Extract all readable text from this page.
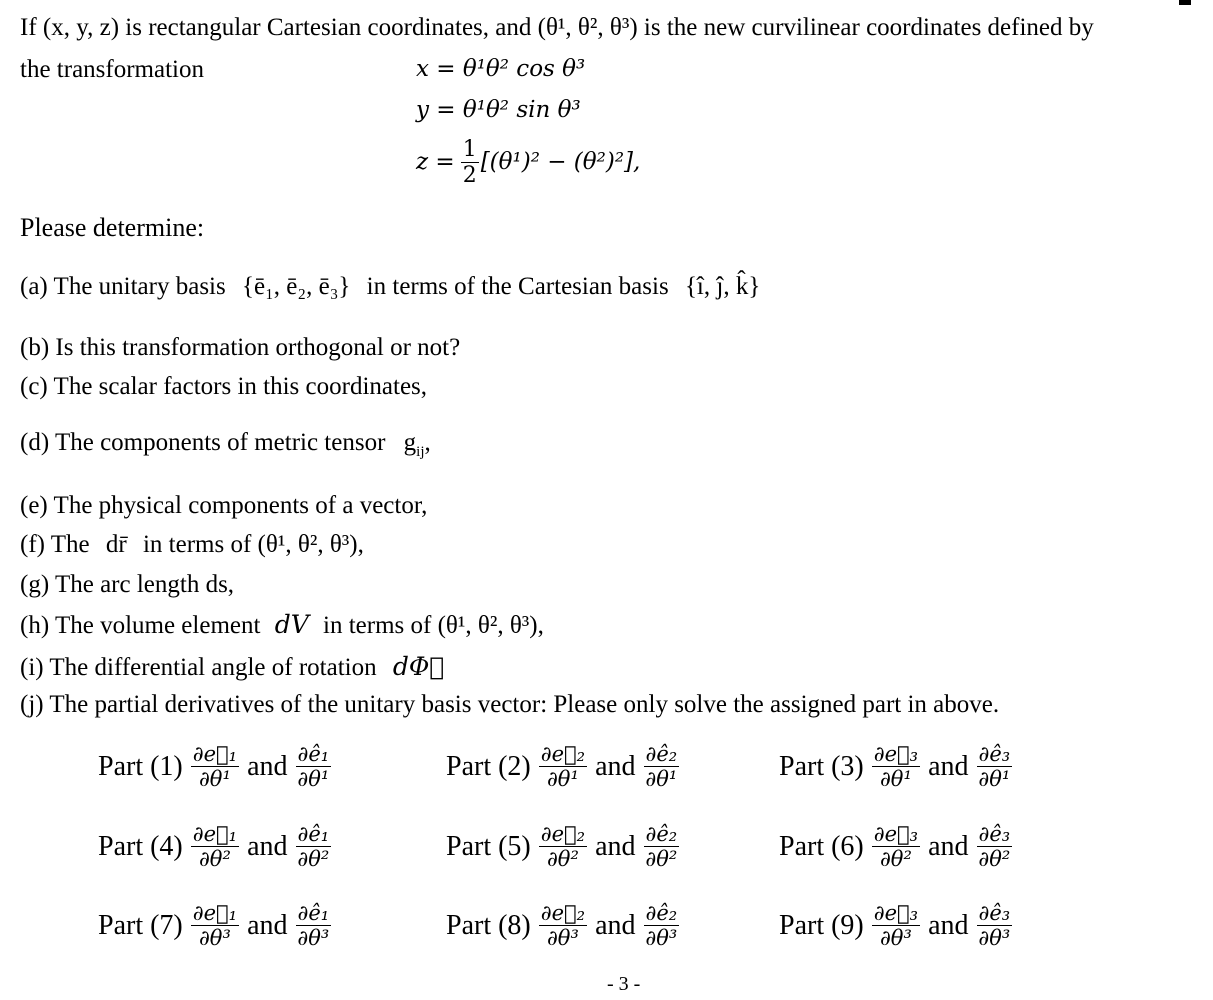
If (x, y, z) is rectangular Cartesian coordinates, and (θ¹, θ², θ³) is the new curvilinear coordinates defined by
the transformation	x = θ¹θ² cos θ³
y = θ¹θ² sin θ³
$z = \frac{1}{2} [(\theta^1)^2 - (\theta^2)^2]$,
Please determine:
(a) The unitary basis {ē₁, ē₂, ē₃} in terms of the Cartesian basis {î, ĵ, k̂}
(b) Is this transformation orthogonal or not?
(c) The scalar factors in this coordinates,
(d) The components of metric tensor $g_{ij}$,
(e) The physical components of a vector,
(f) The dr̄ in terms of (θ¹, θ², θ³),
(g) The arc length ds,
(h) The volume element dV in terms of (θ¹, θ², θ³),
(i) The differential angle of rotation dΦ⃗
(j) The partial derivatives of the unitary basis vector: Please only solve the assigned part in above.
Part $(1) \frac{\text{∂e⃗₁}}{\text{∂θ¹}}$ and $\frac{\text{∂ê₁}}{\text{∂θ¹}}$	Part $(2) \frac{\text{∂e⃗₂}}{\text{∂θ¹}}$ and $\frac{\text{∂ê₂}}{\text{∂θ¹}}$	Part $(3) \frac{\text{∂e⃗₃}}{\text{∂θ¹}}$ and $\frac{\text{∂ê₃}}{\text{∂θ¹}}$
Part $(4) \frac{\text{∂e⃗₁}}{\text{∂θ²}}$ and $\frac{\text{∂ê₁}}{\text{∂θ²}}$	Part $(5) \frac{\text{∂e⃗₂}}{\text{∂θ²}}$ and $\frac{\text{∂ê₂}}{\text{∂θ²}}$	Part $(6) \frac{\text{∂e⃗₃}}{\text{∂θ²}}$ and $\frac{\text{∂ê₃}}{\text{∂θ²}}$
Part $(7) \frac{\text{∂e⃗₁}}{\text{∂θ³}}$ and $\frac{\text{∂ê₁}}{\text{∂θ³}}$	Part $(8) \frac{\text{∂e⃗₂}}{\text{∂θ³}}$ and $\frac{\text{∂ê₂}}{\text{∂θ³}}$	Part $(9) \frac{\text{∂e⃗₃}}{\text{∂θ³}}$ and $\frac{\text{∂ê₃}}{\text{∂θ³}}$
- 3 -
